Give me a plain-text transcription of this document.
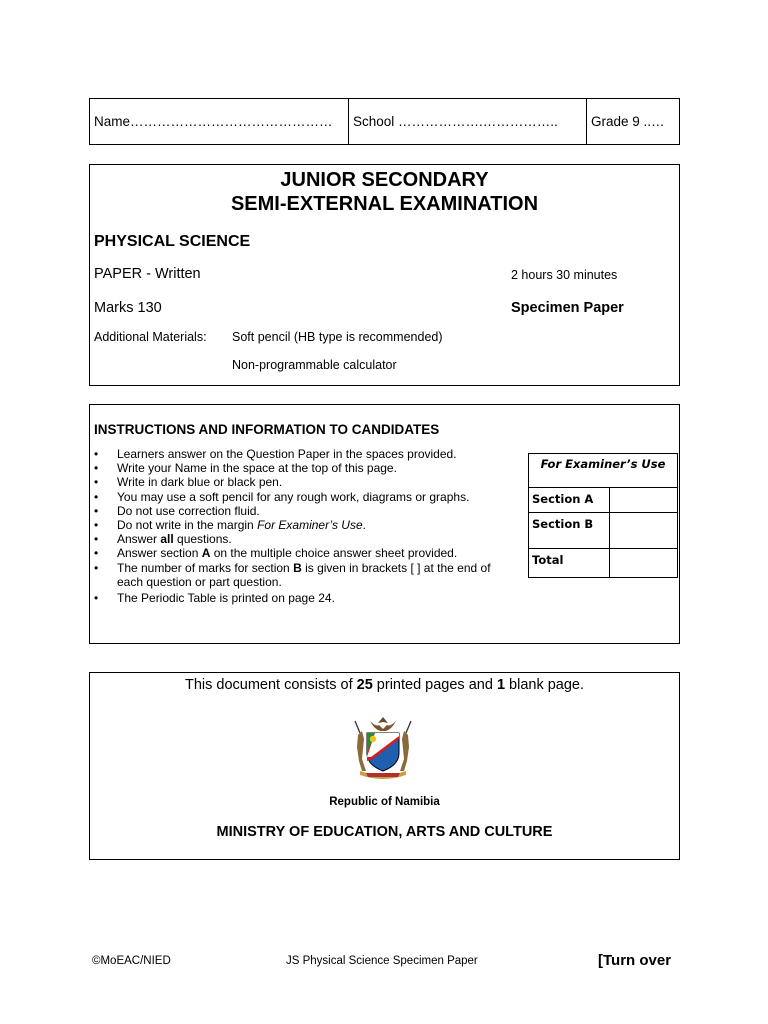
Name……………………………………… School ……………….…………….. Grade 9 ..…
JUNIOR SECONDARY
SEMI-EXTERNAL EXAMINATION
PHYSICAL SCIENCE
PAPER - Written	2 hours 30 minutes
Marks 130	Specimen Paper
Additional Materials: Soft pencil (HB type is recommended)
Non-programmable calculator
INSTRUCTIONS AND INFORMATION TO CANDIDATES
• Learners answer on the Question Paper in the spaces provided.
• Write your Name in the space at the top of this page.
• Write in dark blue or black pen.
• You may use a soft pencil for any rough work, diagrams or graphs.
• Do not use correction fluid.
• Do not write in the margin For Examiner’s Use.
• Answer all questions.
• Answer section A on the multiple choice answer sheet provided.
• The number of marks for section B is given in brackets [ ] at the end of each question or part question.
• The Periodic Table is printed on page 24.
For Examiner’s Use
Section A
Section B
Total
This document consists of 25 printed pages and 1 blank page.
Republic of Namibia
MINISTRY OF EDUCATION, ARTS AND CULTURE
©MoEAC/NIED	JS Physical Science Specimen Paper	[Turn over
